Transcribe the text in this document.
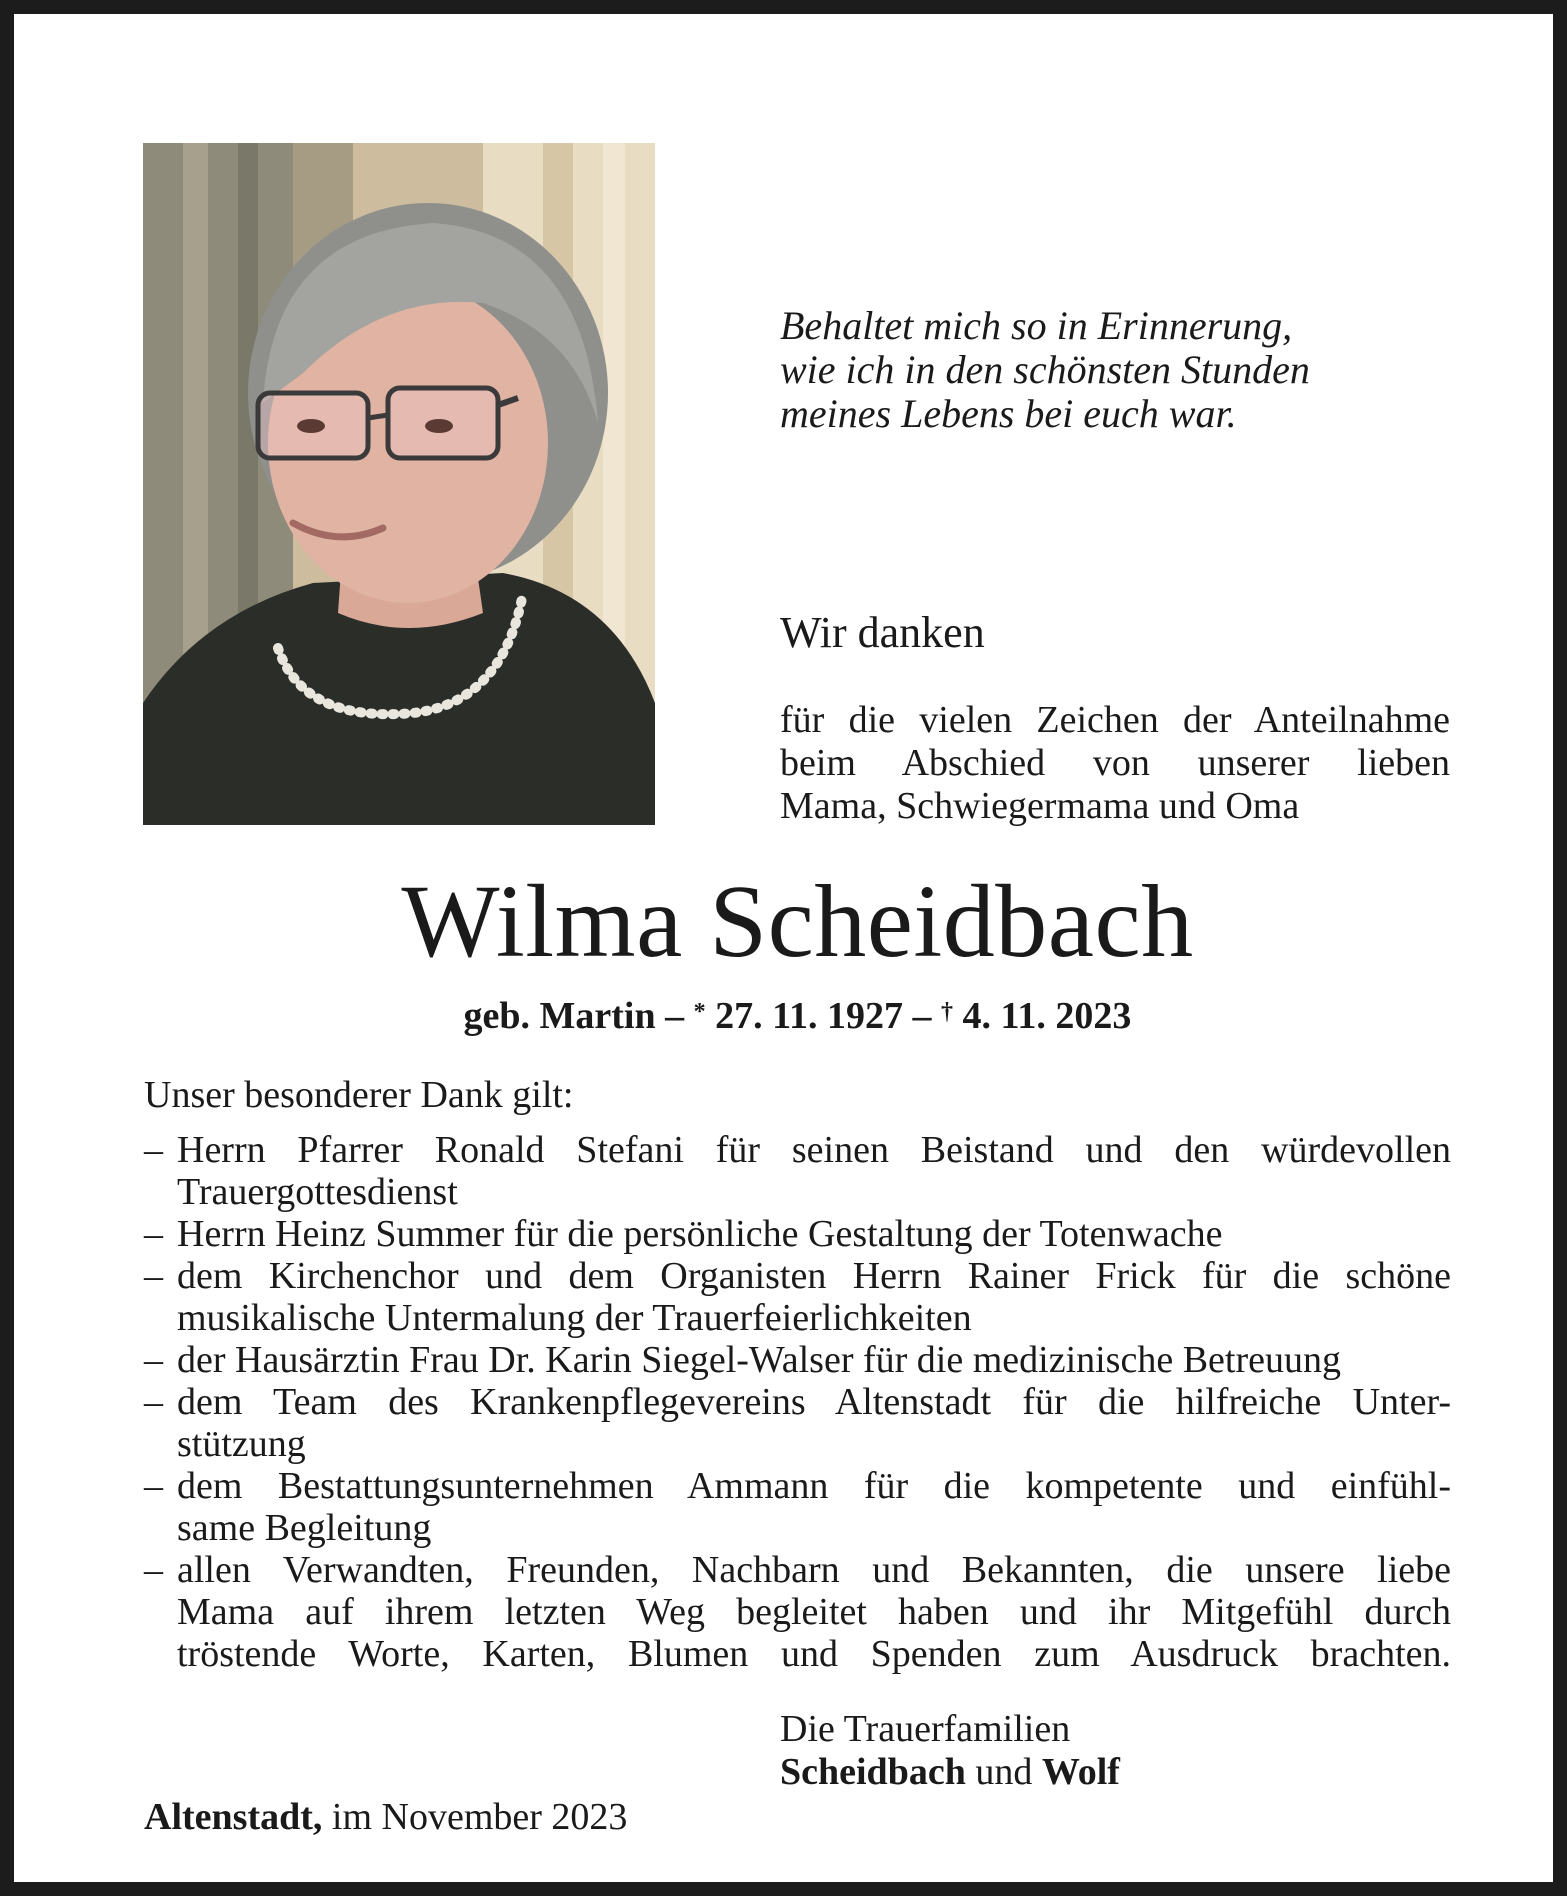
Behaltet mich so in Erinnerung,
wie ich in den schönsten Stunden
meines Lebens bei euch war.
Wir danken
für die vielen Zeichen der Anteilnahme
beim Abschied von unserer lieben
Mama, Schwiegermama und Oma
Wilma Scheidbach
geb. Martin – * 27. 11. 1927 – † 4. 11. 2023
Unser besonderer Dank gilt:
– Herrn Pfarrer Ronald Stefani für seinen Beistand und den würdevollen
Trauergottesdienst
– Herrn Heinz Summer für die persönliche Gestaltung der Totenwache
– dem Kirchenchor und dem Organisten Herrn Rainer Frick für die schöne
musikalische Untermalung der Trauerfeierlichkeiten
– der Hausärztin Frau Dr. Karin Siegel-Walser für die medizinische Betreuung
– dem Team des Krankenpflegevereins Altenstadt für die hilfreiche Unter-
stützung
– dem Bestattungsunternehmen Ammann für die kompetente und einfühl-
same Begleitung
– allen Verwandten, Freunden, Nachbarn und Bekannten, die unsere liebe
Mama auf ihrem letzten Weg begleitet haben und ihr Mitgefühl durch
tröstende Worte, Karten, Blumen und Spenden zum Ausdruck brachten.
Die Trauerfamilien
Scheidbach und Wolf
Altenstadt, im November 2023
